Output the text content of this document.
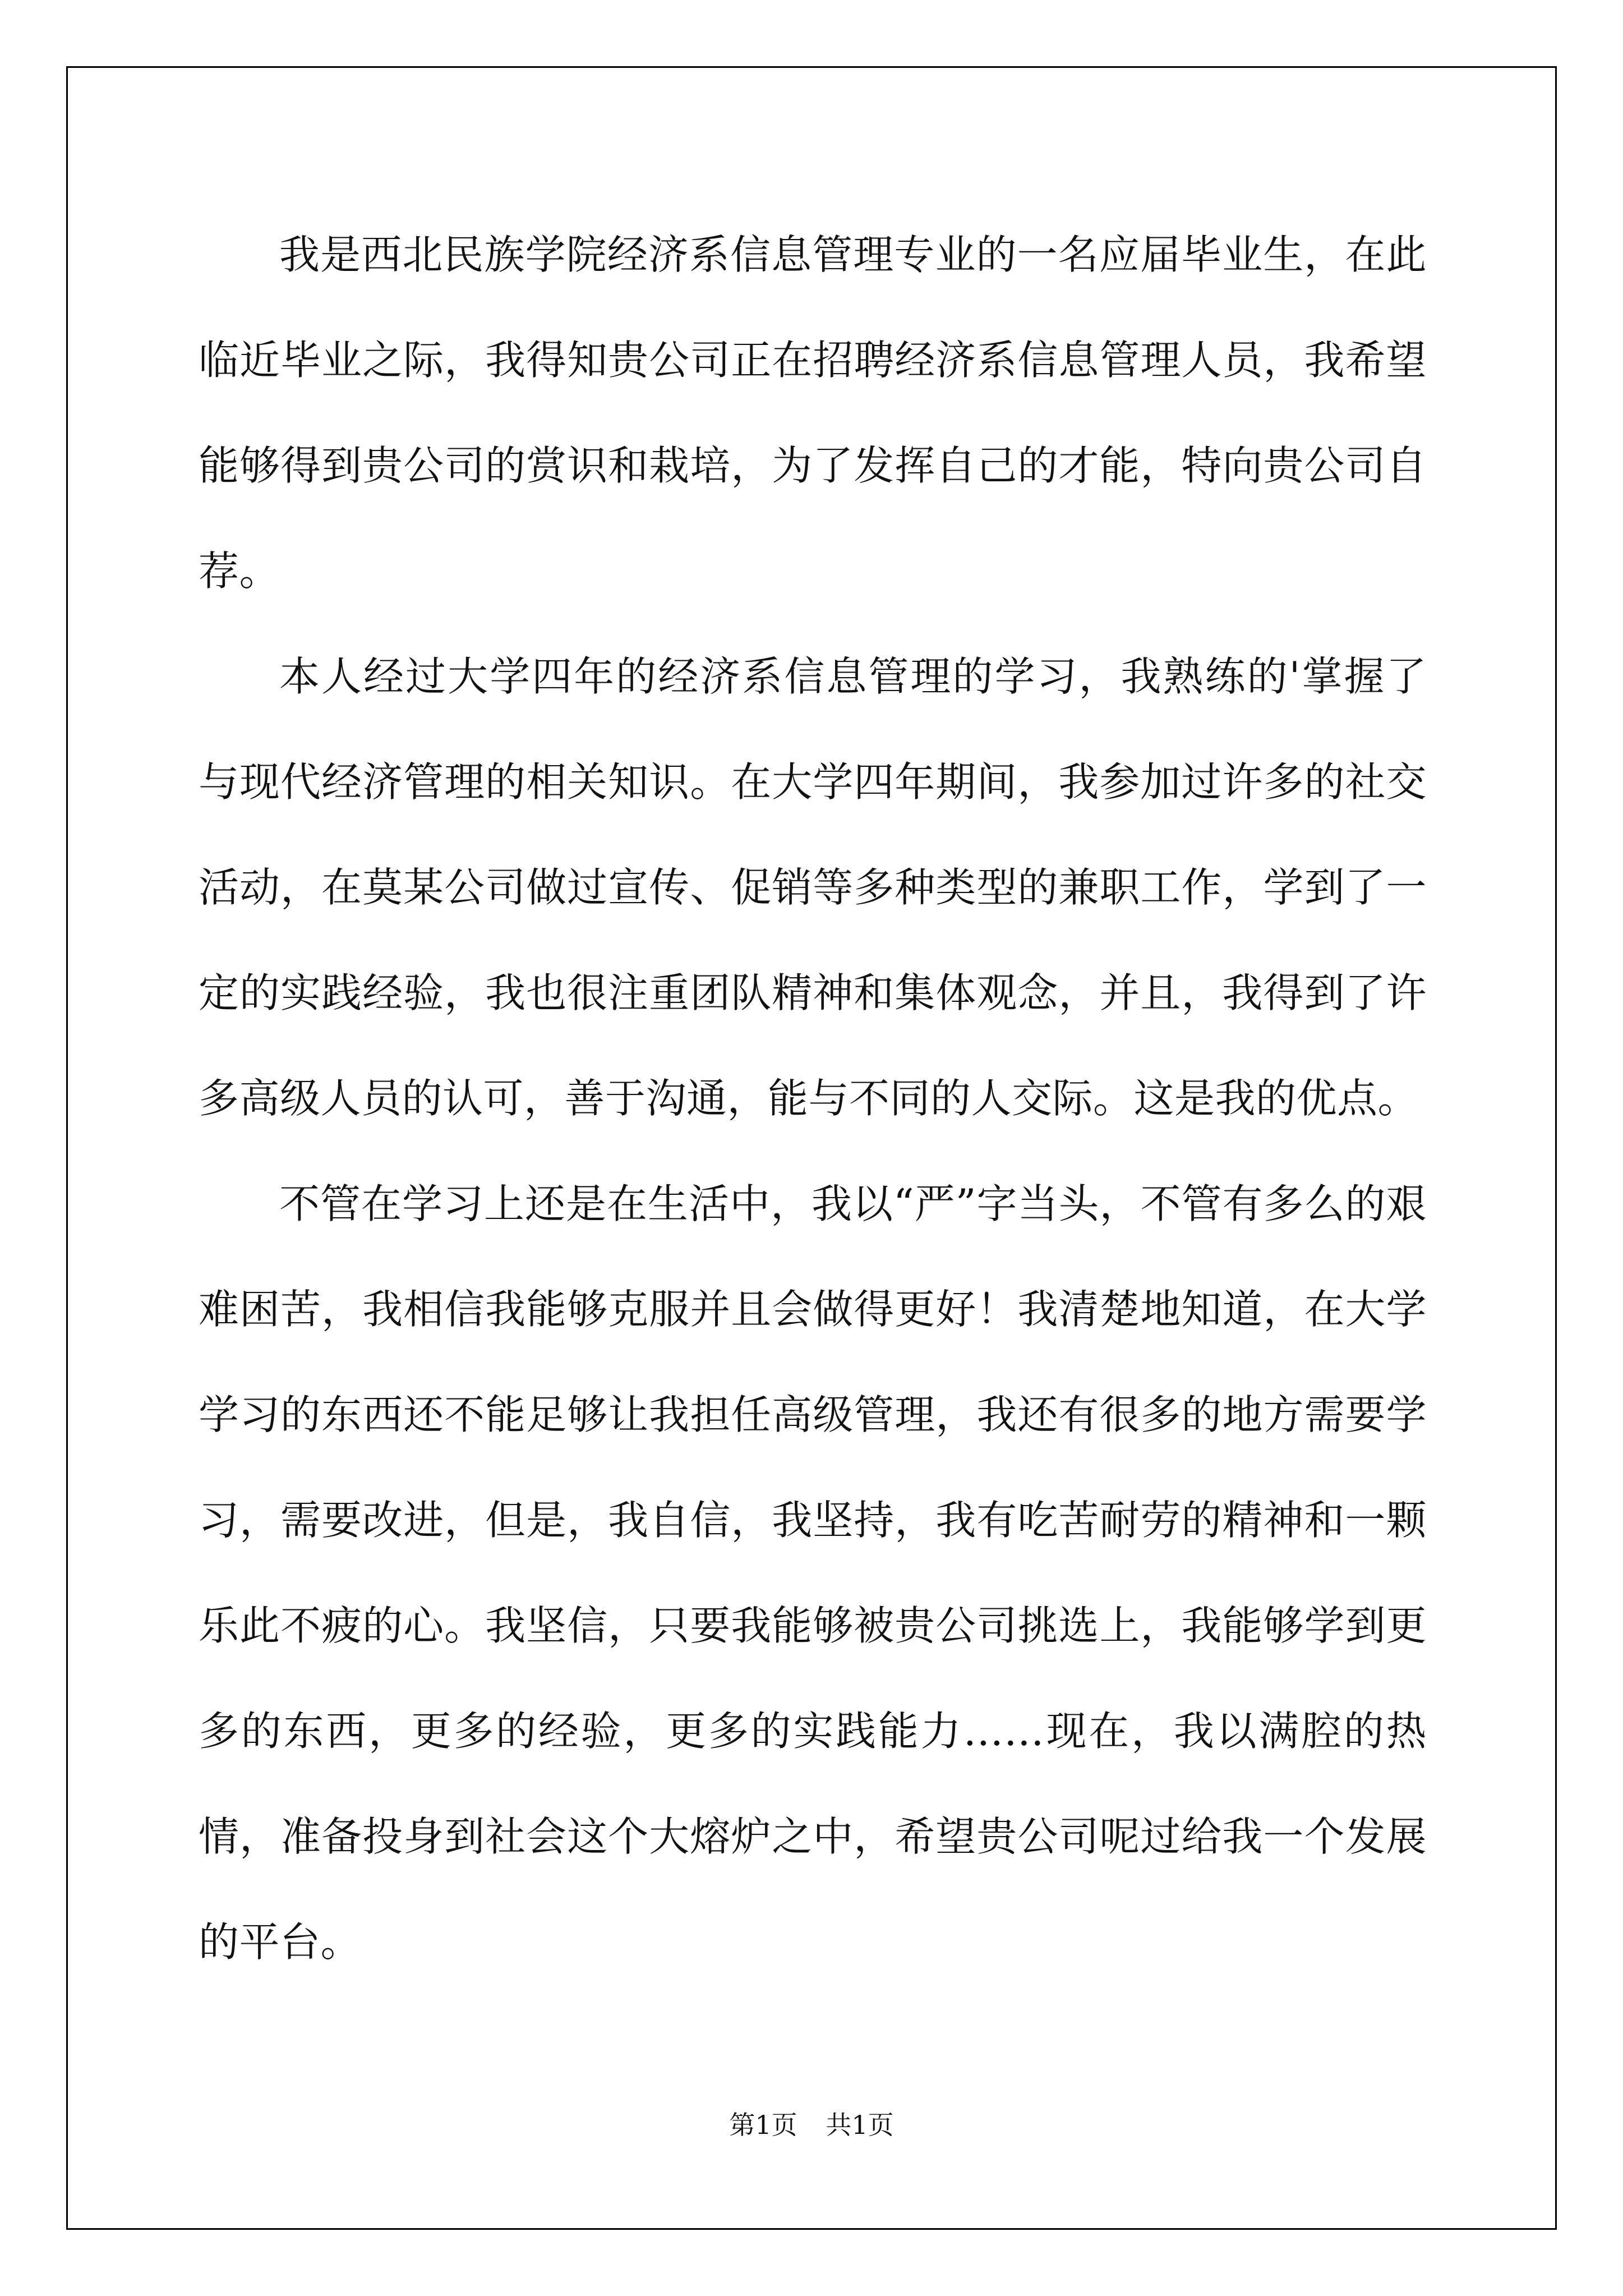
我是西北民族学院经济系信息管理专业的一名应届毕业生，在此临近毕业之际，我得知贵公司正在招聘经济系信息管理人员，我希望能够得到贵公司的赏识和栽培，为了发挥自己的才能，特向贵公司自荐。

本人经过大学四年的经济系信息管理的学习，我熟练的'掌握了与现代经济管理的相关知识。在大学四年期间，我参加过许多的社交活动，在莫某公司做过宣传、促销等多种类型的兼职工作，学到了一定的实践经验，我也很注重团队精神和集体观念，并且，我得到了许多高级人员的认可，善于沟通，能与不同的人交际。这是我的优点。

不管在学习上还是在生活中，我以“严”字当头，不管有多么的艰难困苦，我相信我能够克服并且会做得更好！我清楚地知道，在大学学习的东西还不能足够让我担任高级管理，我还有很多的地方需要学习，需要改进，但是，我自信，我坚持，我有吃苦耐劳的精神和一颗乐此不疲的心。我坚信，只要我能够被贵公司挑选上，我能够学到更多的东西，更多的经验，更多的实践能力……现在，我以满腔的热情，准备投身到社会这个大熔炉之中，希望贵公司呢过给我一个发展的平台。

第1页 共1页
